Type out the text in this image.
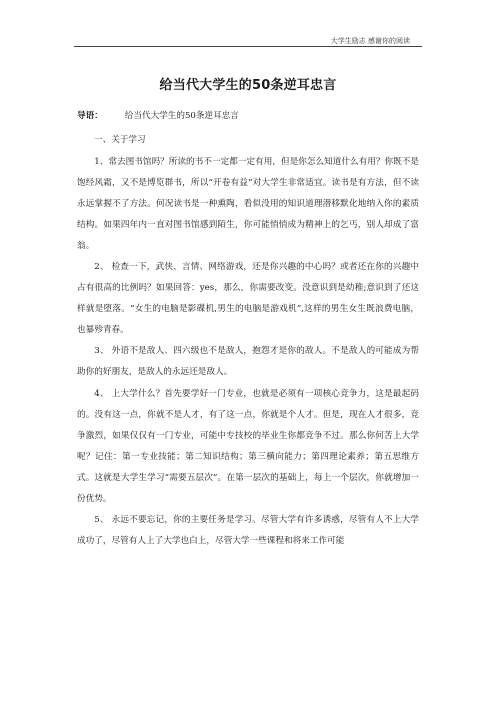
大学生励志 感谢你的阅读
给当代大学生的50条逆耳忠言
导语：	给当代大学生的50条逆耳忠言
一、关于学习

1、常去图书馆吗？所读的书不一定都一定有用，但是你怎么知道什么有用？你既不是饱经风霜，又不是博览群书，所以“开卷有益”对大学生非常适宜。读书是有方法，但不读永远掌握不了方法。何况读书是一种熏陶，看似没用的知识道理潜移默化地纳入你的素质结构。如果四年内一直对图书馆感到陌生，你可能悄悄成为精神上的乞丐，别人却成了富翁。

2、 检查一下，武侠、言情、网络游戏，还是你兴趣的中心吗？或者还在你的兴趣中占有很高的比例吗？如果回答：yes，那么，你需要改变。没意识到是幼稚;意识到了还这样就是堕落。“女生的电脑是影碟机,男生的电脑是游戏机”,这样的男生女生既浪费电脑，也暴殄青春。

3、 外语不是敌人、四六级也不是敌人，抱怨才是你的敌人。不是敌人的可能成为帮助你的好朋友，是敌人的永远还是敌人。

4、 上大学什么？首先要学好一门专业，也就是必须有一项核心竞争力，这是最起码的。没有这一点，你就不是人才，有了这一点，你就是个人才。但是，现在人才很多，竞争激烈，如果仅仅有一门专业，可能中专技校的毕业生你都竞争不过。那么你何苦上大学呢？记住：第一专业技能；第二知识结构；第三横向能力；第四理论素养；第五思维方式。这就是大学生学习“需要五层次”。在第一层次的基础上，每上一个层次，你就增加一份优势。

5、 永远不要忘记，你的主要任务是学习。尽管大学有许多诱惑，尽管有人不上大学成功了，尽管有人上了大学也白上，尽管大学一些课程和将来工作可能
